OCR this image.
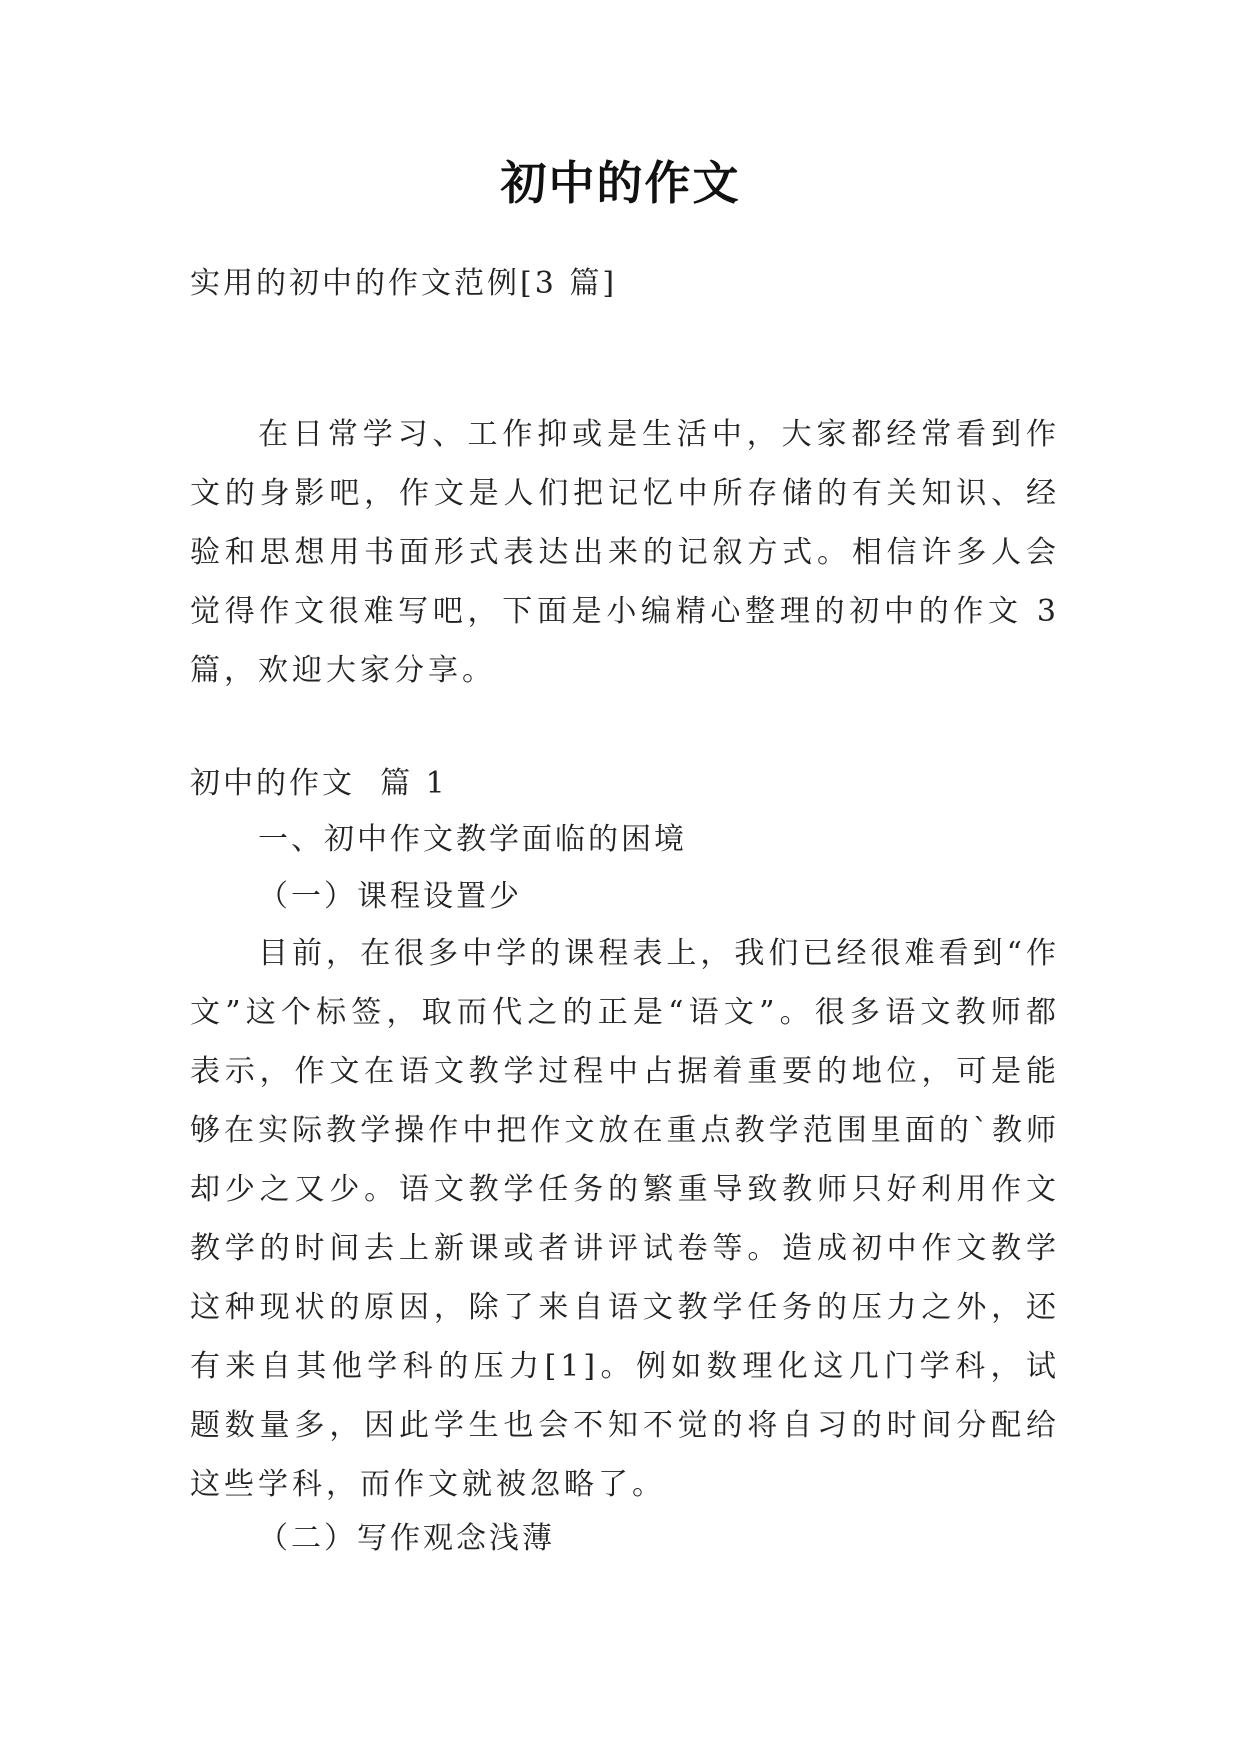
初中的作文
实用的初中的作文范例[3 篇]

在日常学习、工作抑或是生活中，大家都经常看到作文的身影吧，作文是人们把记忆中所存储的有关知识、经验和思想用书面形式表达出来的记叙方式。相信许多人会觉得作文很难写吧，下面是小编精心整理的初中的作文 3 篇，欢迎大家分享。

初中的作文  篇 1
一、初中作文教学面临的困境
（一）课程设置少

目前，在很多中学的课程表上，我们已经很难看到“作文”这个标签，取而代之的正是“语文”。很多语文教师都表示，作文在语文教学过程中占据着重要的地位，可是能够在实际教学操作中把作文放在重点教学范围里面的`教师却少之又少。语文教学任务的繁重导致教师只好利用作文教学的时间去上新课或者讲评试卷等。造成初中作文教学这种现状的原因，除了来自语文教学任务的压力之外，还有来自其他学科的压力[1]。例如数理化这几门学科，试题数量多，因此学生也会不知不觉的将自习的时间分配给这些学科，而作文就被忽略了。

（二）写作观念浅薄
